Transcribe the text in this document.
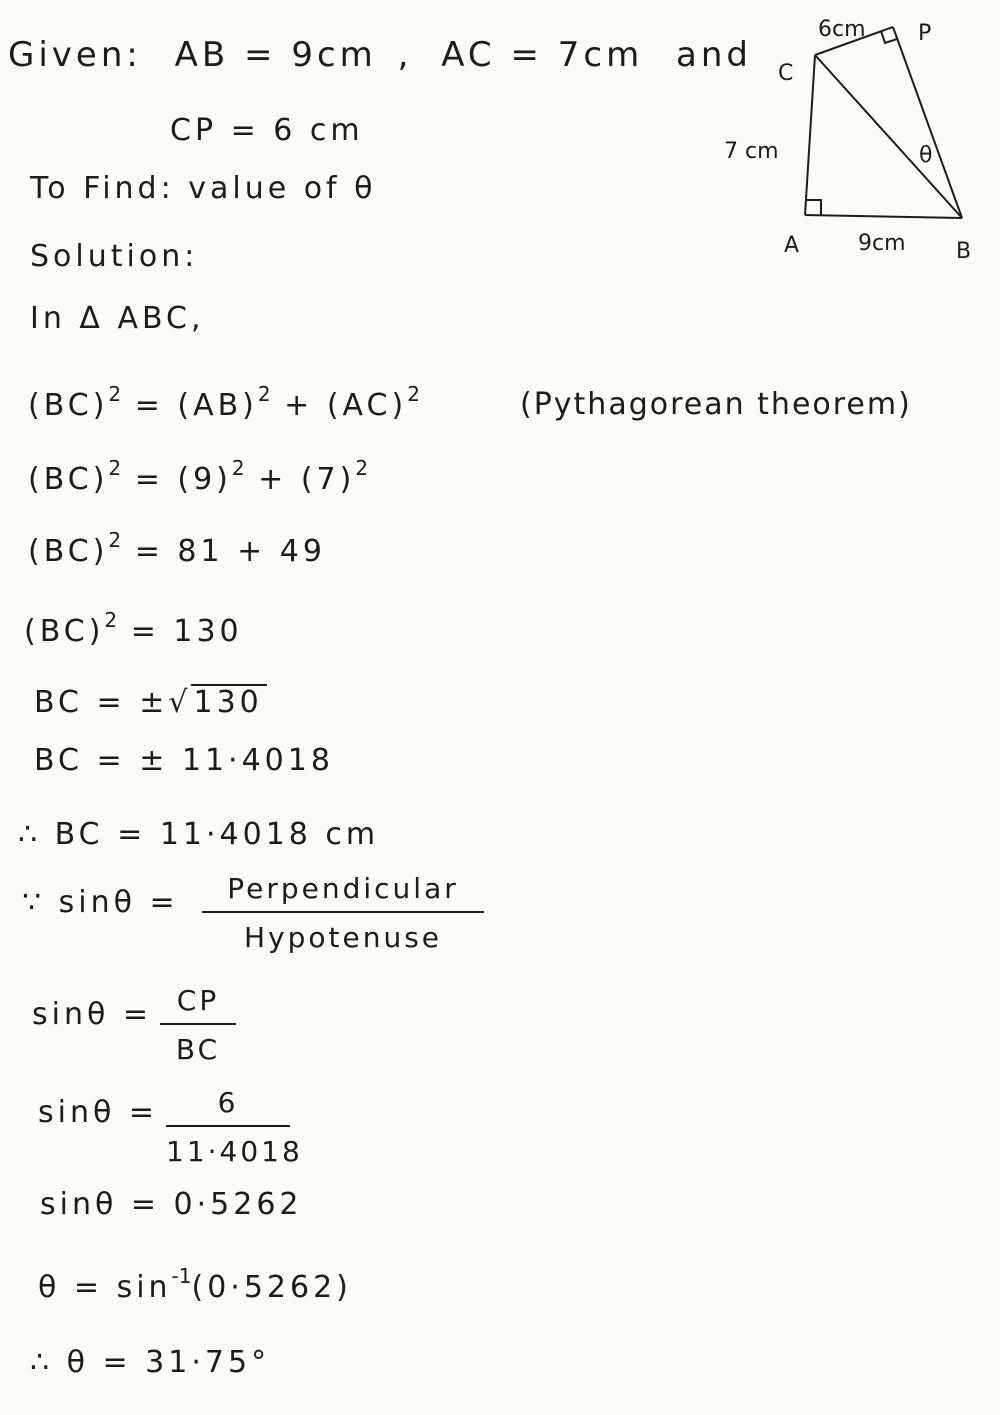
Given: AB = 9cm , AC = 7cm and
CP = 6 cm
To Find: value of θ
Solution:
In Δ ABC,
(BC)$^2$ = (AB)$^2$ + (AC)$^2$	(Pythagorean theorem)
$(BC)^2 = (9)^2 + (7)^2$
(BC)$^2$ = 81 + 49
(BC)$^2$ = 130
BC = ±√130
BC = ± 11·4018
∴ BC = 11·4018 cm
∵ sinθ =	Perpendicular
Hypotenuse
sinθ = CP
BC
sinθ =	6
11·4018
sinθ = 0·5262
$\theta = \sin^{-1}(0\cdot 5262)$
∴ θ = 31·75°
6cm P
C
7 cm	θ
A	9cm B
